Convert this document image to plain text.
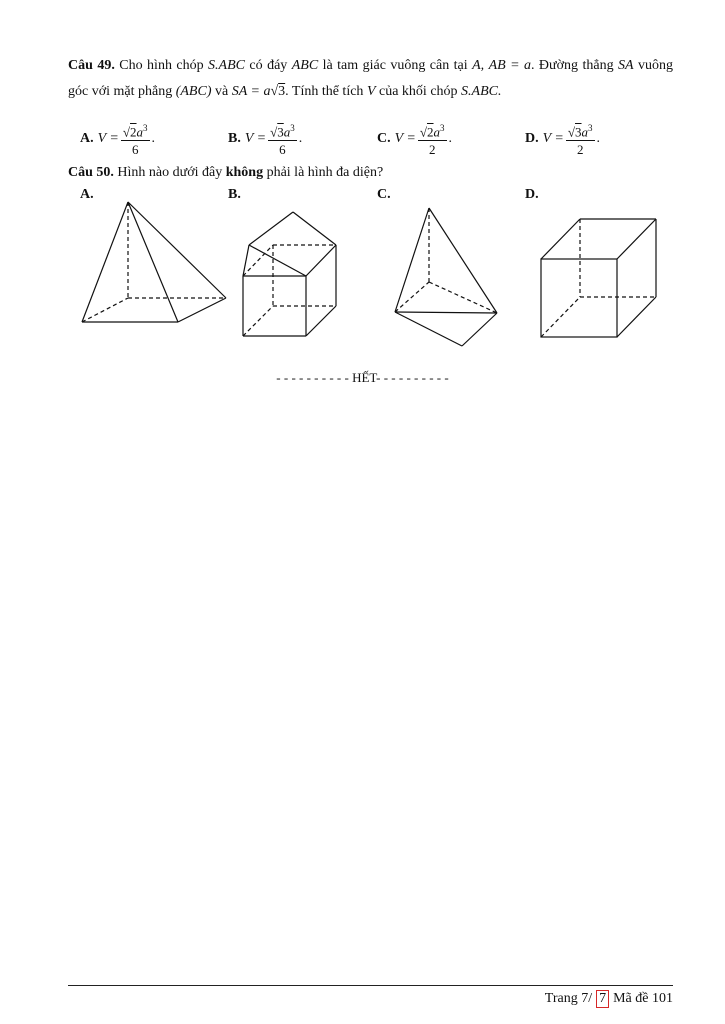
Câu 49. Cho hình chóp S.ABC có đáy ABC là tam giác vuông cân tại A, AB = a. Đường thẳng SA vuông góc với mặt phẳng (ABC) và SA = a√3. Tính thể tích V của khối chóp S.ABC.
A. $V = \frac{√2a^3}{6}$ .	B. $V = \frac{√3a^3}{6}$ .	C. $V = \frac{√2a^3}{2}$ .	D. $V = \frac{√3a^3}{2}$ .
Câu 50. Hình nào dưới đây không phải là hình đa diện?
A.	B.	C.	D.
- - - - - - - - - - HẾT- - - - - - - - - -
Trang 7/ 7 Mã đề 101
